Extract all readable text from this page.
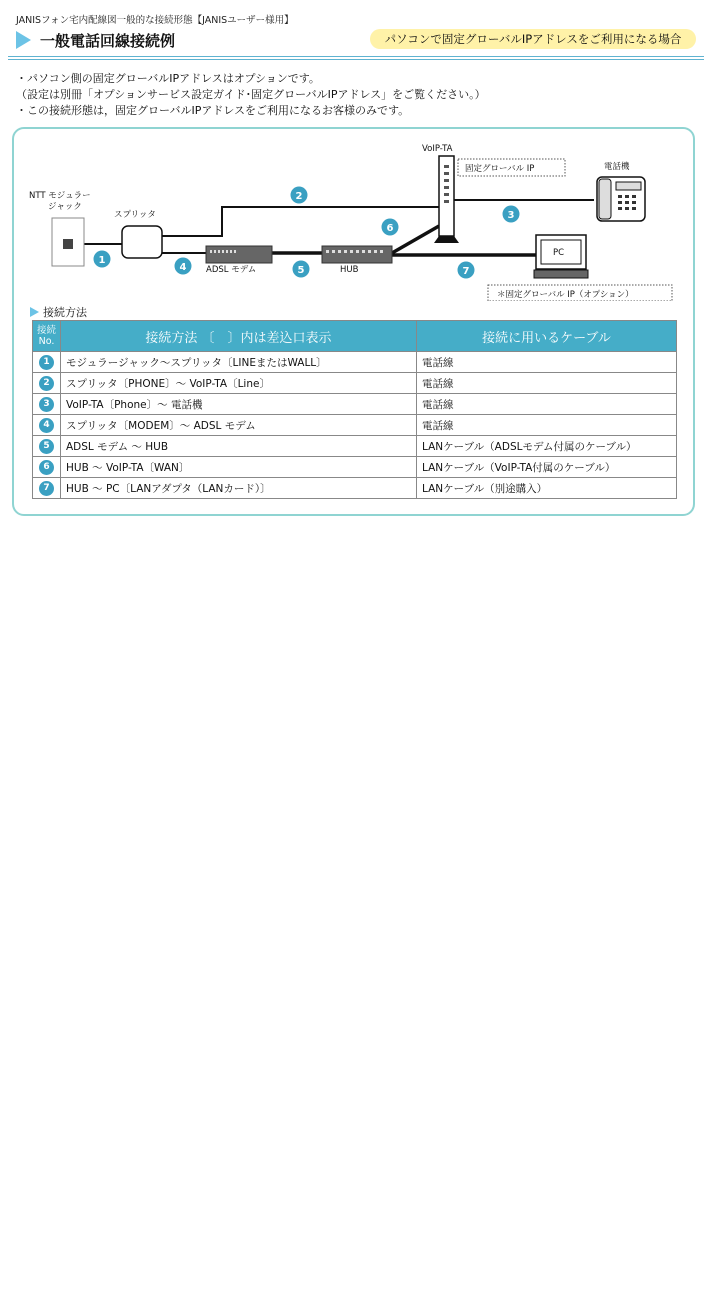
JANISフォン宅内配線図一般的な接続形態【JANISユーザー様用】
一般電話回線接続例	パソコンで固定グローバルIPアドレスをご利用になる場合
・パソコン側の固定グローバルIPアドレスはオプションです。
（設定は別冊「オプションサービス設定ガイド･固定グローバルIPアドレス」をご覧ください。）
・この接続形態は，固定グローバルIPアドレスをご利用になるお客様のみです。
NTT モジュラー
ジャック
スプリッタ
ADSL モデム	HUB
VoIP-TA
固定グローバル IP	電話機
PC
＊固定グローバル IP（オプション）
1
2
3
4	5
6
7
接続方法
接続
No.	接続方法 〔　〕内は差込口表示	接続に用いるケーブル
1	モジュラージャック～スプリッタ〔LINEまたはWALL〕	電話線
2	スプリッタ〔PHONE〕～ VoIP-TA〔Line〕	電話線
3	VoIP-TA〔Phone〕～ 電話機	電話線
4	スプリッタ〔MODEM〕～ ADSL モデム	電話線
5	ADSL モデム ～ HUB	LANケーブル（ADSLモデム付属のケーブル）
6	HUB ～ VoIP-TA〔WAN〕	LANケーブル（VoIP-TA付属のケーブル）
7	HUB ～ PC〔LANアダプタ（LANカード）〕	LANケーブル（別途購入）
